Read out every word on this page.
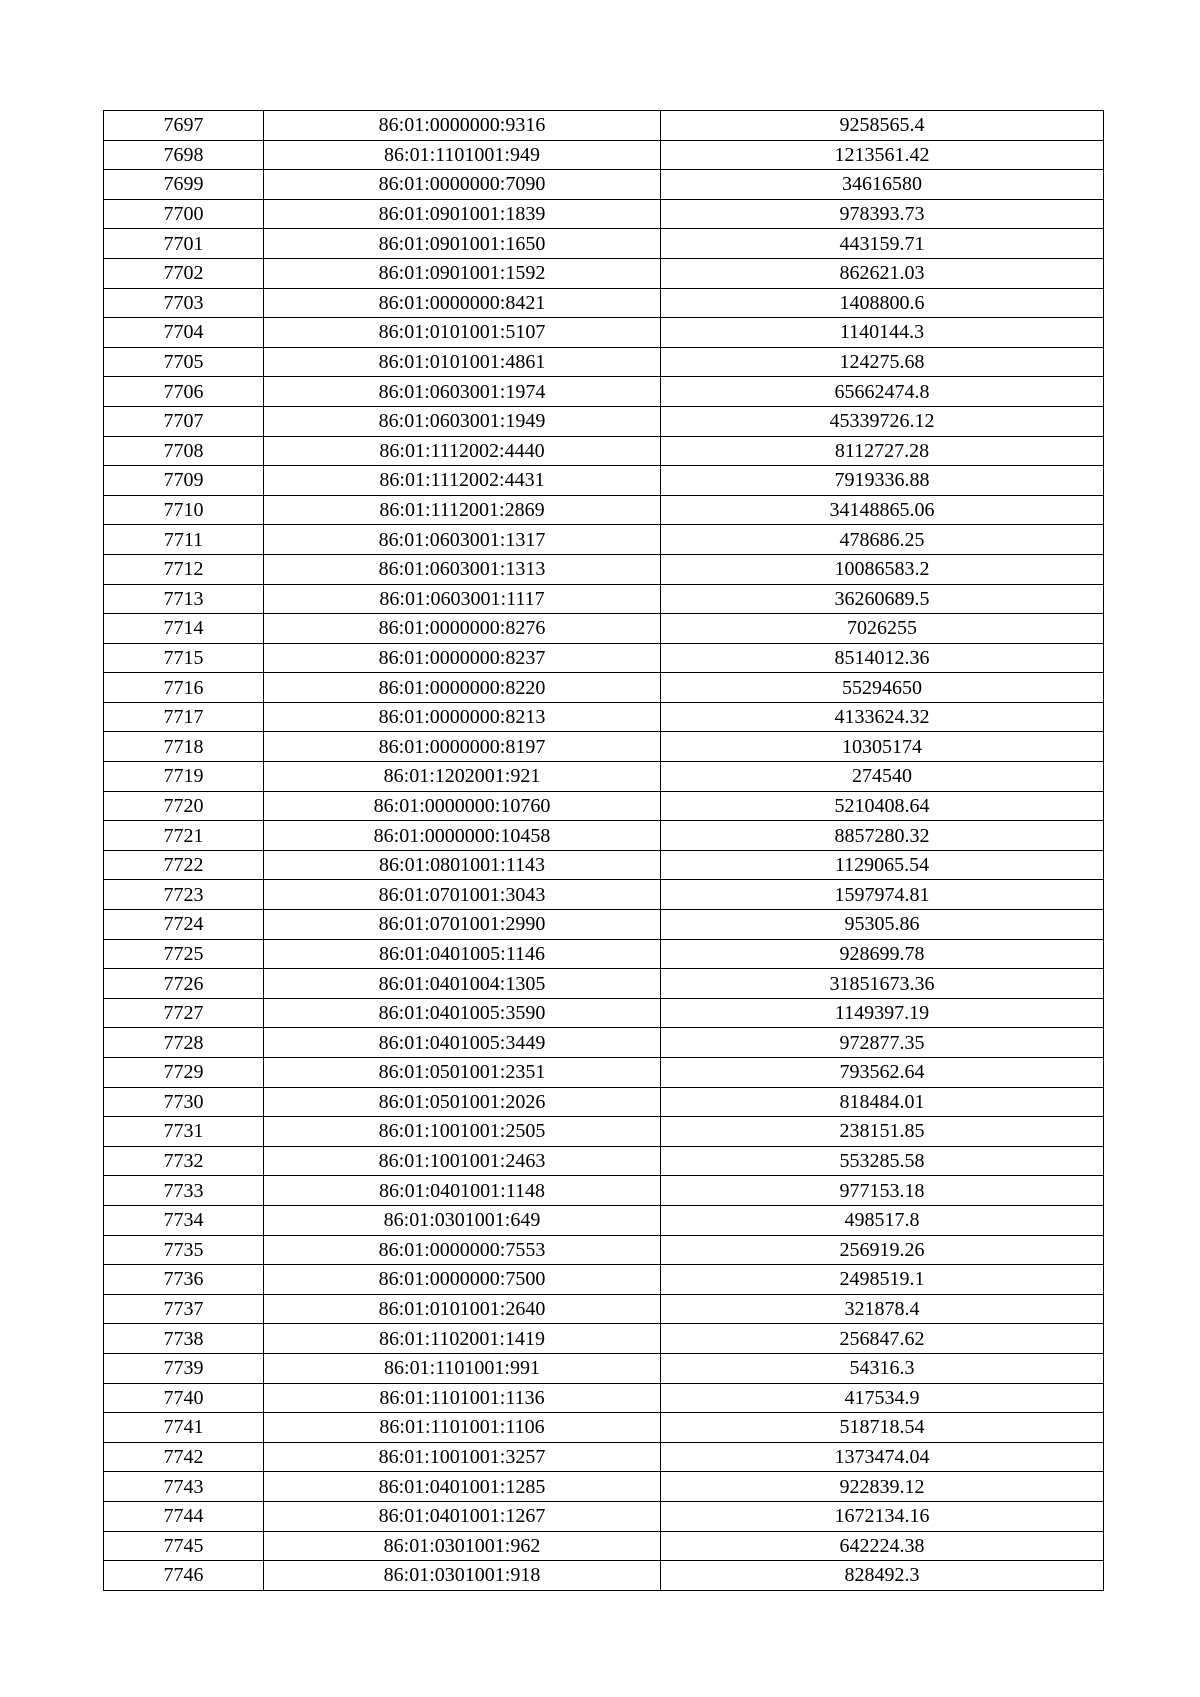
7697	86:01:0000000:9316	9258565.4
7698	86:01:1101001:949	1213561.42
7699	86:01:0000000:7090	34616580
7700	86:01:0901001:1839	978393.73
7701	86:01:0901001:1650	443159.71
7702	86:01:0901001:1592	862621.03
7703	86:01:0000000:8421	1408800.6
7704	86:01:0101001:5107	1140144.3
7705	86:01:0101001:4861	124275.68
7706	86:01:0603001:1974	65662474.8
7707	86:01:0603001:1949	45339726.12
7708	86:01:1112002:4440	8112727.28
7709	86:01:1112002:4431	7919336.88
7710	86:01:1112001:2869	34148865.06
7711	86:01:0603001:1317	478686.25
7712	86:01:0603001:1313	10086583.2
7713	86:01:0603001:1117	36260689.5
7714	86:01:0000000:8276	7026255
7715	86:01:0000000:8237	8514012.36
7716	86:01:0000000:8220	55294650
7717	86:01:0000000:8213	4133624.32
7718	86:01:0000000:8197	10305174
7719	86:01:1202001:921	274540
7720	86:01:0000000:10760	5210408.64
7721	86:01:0000000:10458	8857280.32
7722	86:01:0801001:1143	1129065.54
7723	86:01:0701001:3043	1597974.81
7724	86:01:0701001:2990	95305.86
7725	86:01:0401005:1146	928699.78
7726	86:01:0401004:1305	31851673.36
7727	86:01:0401005:3590	1149397.19
7728	86:01:0401005:3449	972877.35
7729	86:01:0501001:2351	793562.64
7730	86:01:0501001:2026	818484.01
7731	86:01:1001001:2505	238151.85
7732	86:01:1001001:2463	553285.58
7733	86:01:0401001:1148	977153.18
7734	86:01:0301001:649	498517.8
7735	86:01:0000000:7553	256919.26
7736	86:01:0000000:7500	2498519.1
7737	86:01:0101001:2640	321878.4
7738	86:01:1102001:1419	256847.62
7739	86:01:1101001:991	54316.3
7740	86:01:1101001:1136	417534.9
7741	86:01:1101001:1106	518718.54
7742	86:01:1001001:3257	1373474.04
7743	86:01:0401001:1285	922839.12
7744	86:01:0401001:1267	1672134.16
7745	86:01:0301001:962	642224.38
7746	86:01:0301001:918	828492.3
